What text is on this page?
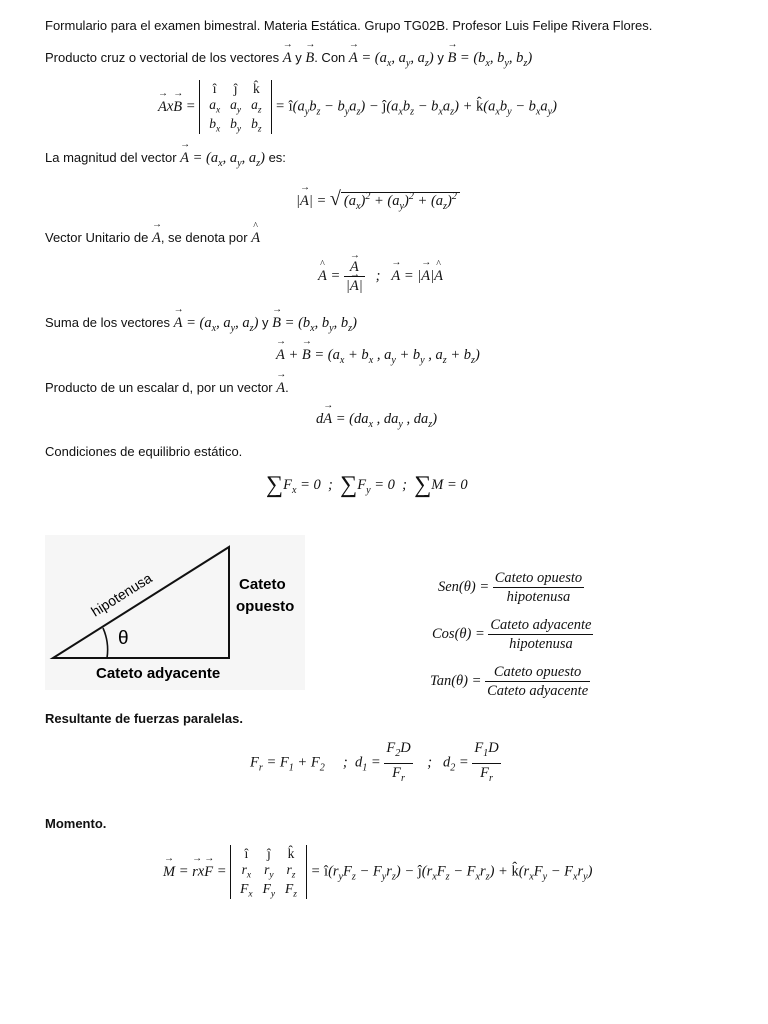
Formulario para el examen bimestral. Materia Estática. Grupo TG02B. Profesor Luis Felipe Rivera Flores.
Producto cruz o vectorial de los vectores → A y → B. Con → $A = (a_x$, $a_y$, $a_z$) $y \to B = (b_x$, $b_y$, $b_z$)
→ Ax→ B =
î	ĵ	k̂
$a_x$	$a_y$	$a_z$
$b_x$	$b_y$	$b_z$
= $î(a_yb_z - b_ya_z)$ − $ĵ(a_xb_z - b_xa_z)$ + $k̂(a_xb_y - b_xa_y)$
La magnitud del vector → $A = (a_x$, $a_y$, $a_z$) es:
|→ A| = √ $(a_x)^2 + (a_y)^2 + (a_z)^2$
Vector Unitario de → A, se denota por ^ A
^ A = → $\frac{A}{|\to A|}$ ;   → A = |→ A|^ A
Suma de los vectores → $A = (a_x$, $a_y$, $a_z$) $y \to B = (b_x$, $b_y$, $b_z$)
→ A + → $B = (a_x + b_x$ , $a_y + b_y$ , $a_z + b_z$)
Producto de un escalar d, por un vector → A.
$d\to A = (da_x$ , $da_y$ , $da_z$)
Condiciones de equilibrio estático.
$\sum F_x = 0$  ;  $\sum F_y = 0$  ;  ∑M = 0
hipotenusa
θ
Cateto adyacente
Cateto
opuesto
$Sen(\theta) = \frac{\text{Cateto opuesto}}{\text{hipotenusa}}$
$Cos(\theta) = \frac{\text{Cateto adyacente}}{\text{hipotenusa}}$
$Tan(\theta) = \frac{\text{Cateto opuesto}}{\text{Cateto adyacente}}$
Resultante de fuerzas paralelas.
$F_r = F_1 + F_2$     ;  $d_1 = \frac{F_2D}{F_r}$ ;   $d_2 = \frac{F_1D}{F_r}$
Momento.
→ M = → rx→ F =
î	ĵ	k̂
$r_x$	$r_y$	$r_z$
$F_x$	$F_y$	$F_z$
= $î(r_yF_z - F_yr_z)$ − $ĵ(r_xF_z - F_xr_z)$ + $k̂(r_xF_y - F_xr_y)$
